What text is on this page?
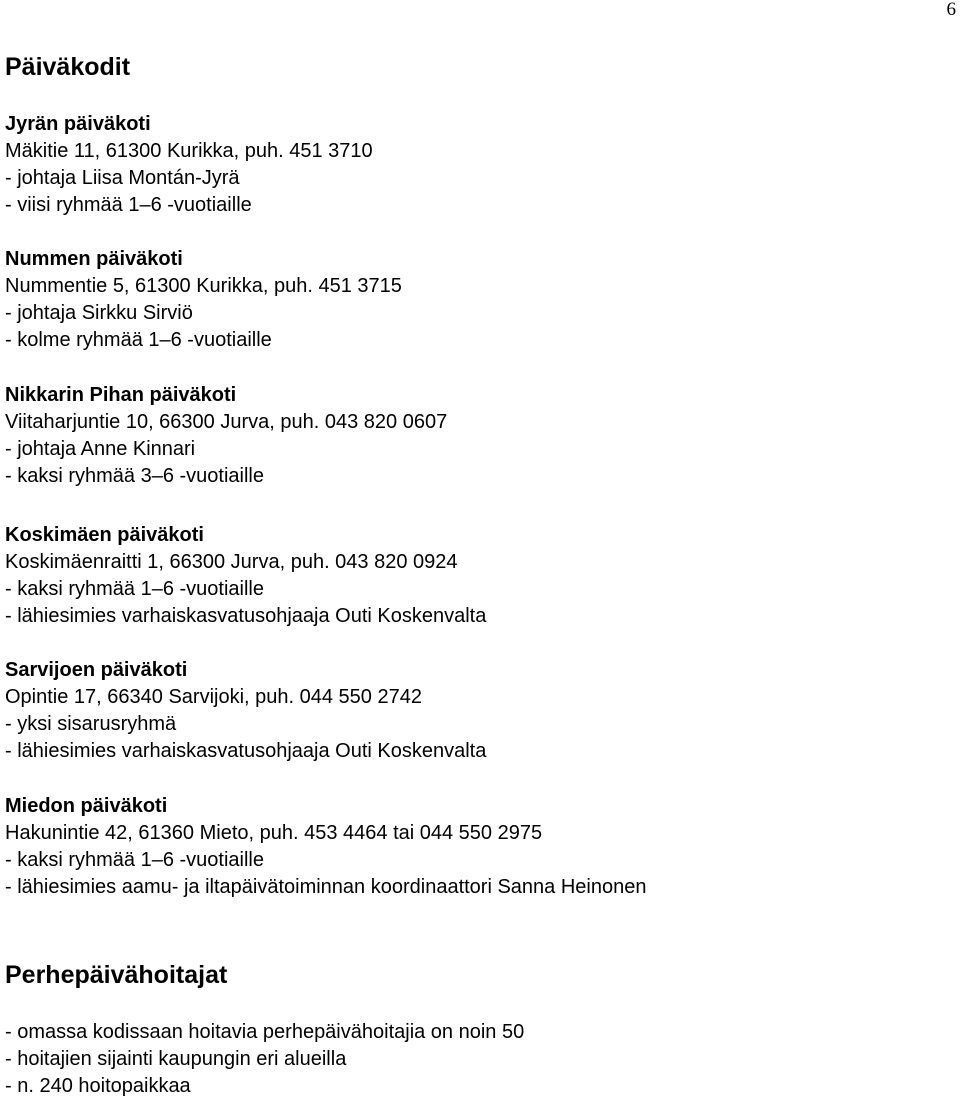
6
Päiväkodit
Jyrän päiväkoti
Mäkitie 11, 61300 Kurikka, puh. 451 3710
- johtaja Liisa Montán-Jyrä
- viisi ryhmää 1–6 -vuotiaille
Nummen päiväkoti
Nummentie 5, 61300 Kurikka, puh. 451 3715
- johtaja Sirkku Sirviö
- kolme ryhmää 1–6 -vuotiaille
Nikkarin Pihan päiväkoti
Viitaharjuntie 10, 66300 Jurva, puh. 043 820 0607
- johtaja Anne Kinnari
- kaksi ryhmää 3–6 -vuotiaille
Koskimäen päiväkoti
Koskimäenraitti 1, 66300 Jurva, puh. 043 820 0924
- kaksi ryhmää 1–6 -vuotiaille
- lähiesimies varhaiskasvatusohjaaja Outi Koskenvalta
Sarvijoen päiväkoti
Opintie 17, 66340 Sarvijoki, puh. 044 550 2742
- yksi sisarusryhmä
- lähiesimies varhaiskasvatusohjaaja Outi Koskenvalta
Miedon päiväkoti
Hakunintie 42, 61360 Mieto, puh. 453 4464 tai 044 550 2975
- kaksi ryhmää 1–6 -vuotiaille
- lähiesimies aamu- ja iltapäivätoiminnan koordinaattori Sanna Heinonen
Perhepäivähoitajat
- omassa kodissaan hoitavia perhepäivähoitajia on noin 50
- hoitajien sijainti kaupungin eri alueilla
- n. 240 hoitopaikkaa
